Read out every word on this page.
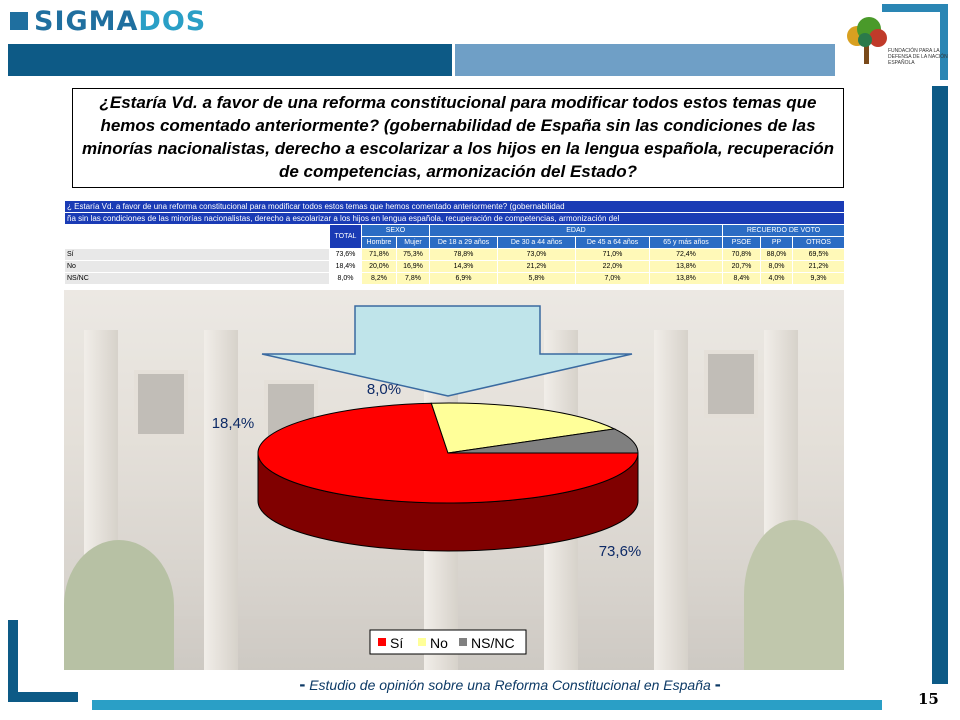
SIGMADOS
FUNDACIÓN PARA LA DEFENSA DE LA NACIÓN ESPAÑOLA
¿Estaría Vd. a favor de una reforma constitucional para modificar todos estos temas que hemos comentado anteriormente? (gobernabilidad de España sin las condiciones de las minorías nacionalistas, derecho a escolarizar a los hijos en la lengua española, recuperación de competencias, armonización del Estado?
¿ Estaría Vd. a favor de una reforma constitucional para modificar todos estos temas que hemos comentado anteriormente? (gobernabilidad										
ña sin las condiciones de las minorías nacionalistas, derecho a escolarizar a los hijos en lengua española, recuperación de competencias, armonización del										
	TOTAL	SEXO		EDAD				RECUERDO DE VOTO		
		Hombre	Mujer	De 18 a 29 años	De 30 a 44 años	De 45 a 64 años	65 y más años	PSOE	PP	OTROS
Sí	73,6%	71,8%	75,3%	78,8%	73,0%	71,0%	72,4%	70,8%	88,0%	69,5%
No	18,4%	20,0%	16,9%	14,3%	21,2%	22,0%	13,8%	20,7%	8,0%	21,2%
NS/NC	8,0%	8,2%	7,8%	6,9%	5,8%	7,0%	13,8%	8,4%	4,0%	9,3%
73,6%
18,4%
8,0%
Sí No NS/NC
- Estudio de opinión sobre una Reforma Constitucional en España -
15
